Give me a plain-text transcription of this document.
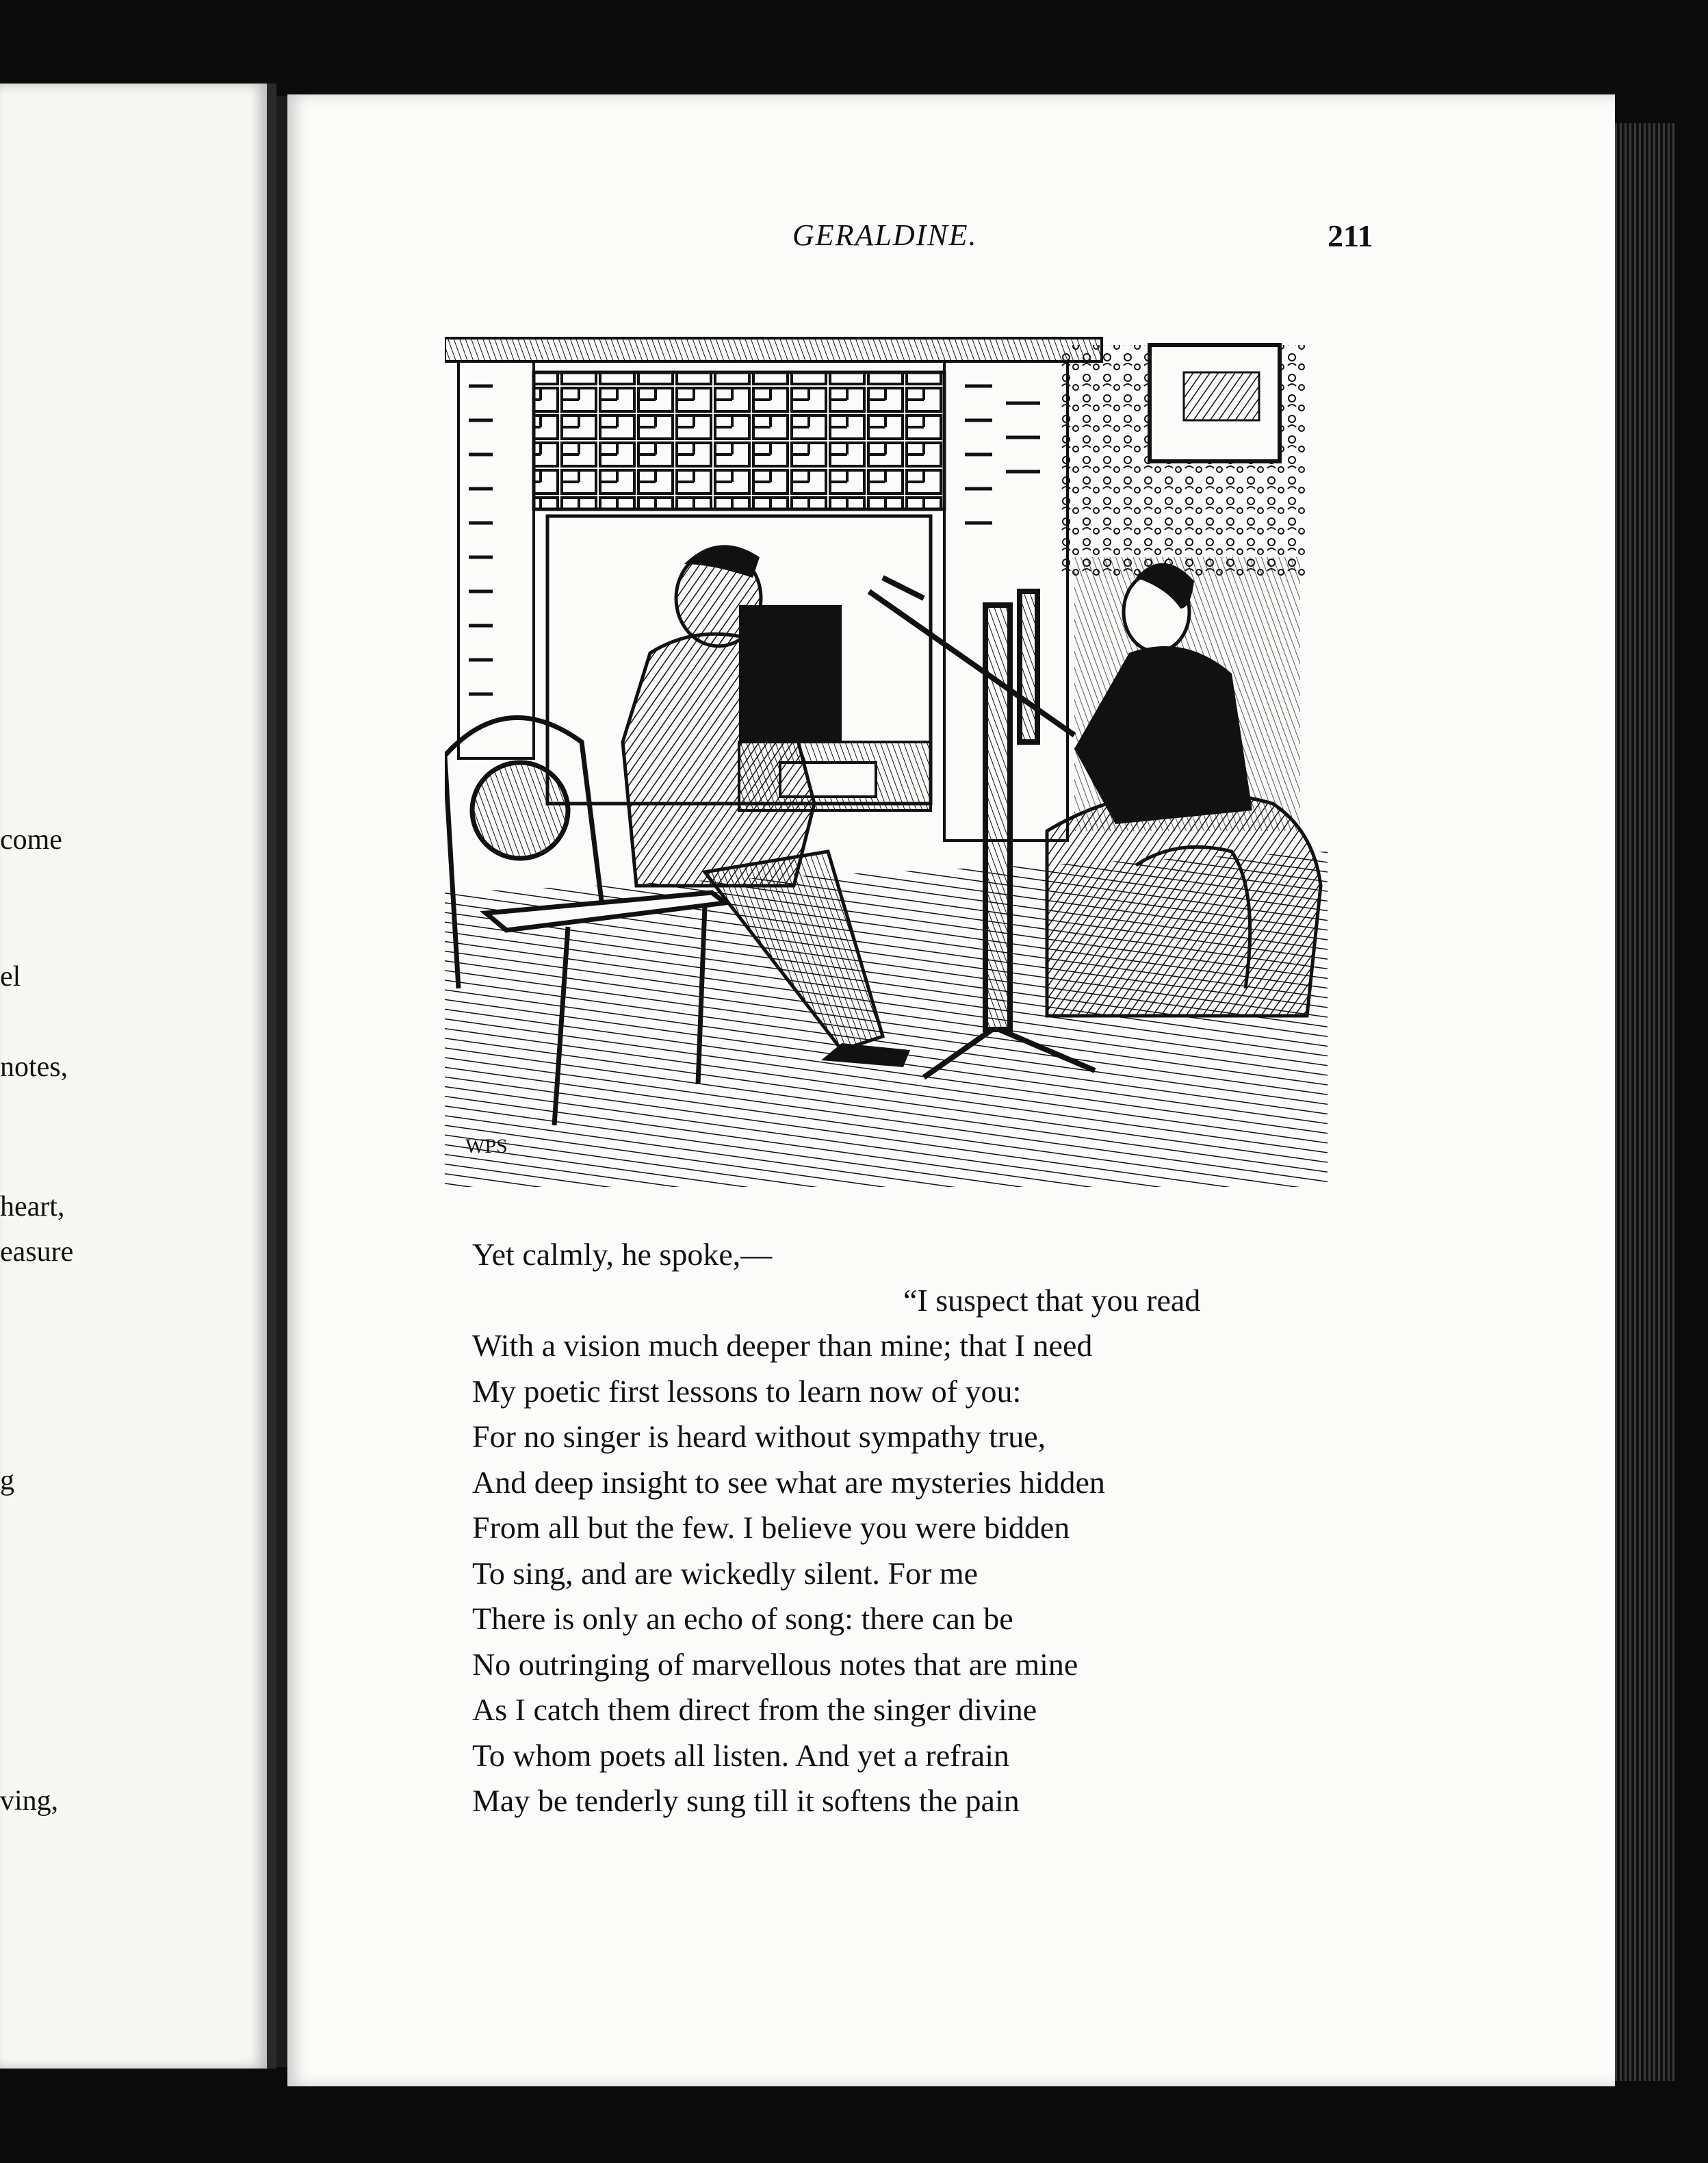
come
el
notes,
heart,
easure
g
ving,
GERALDINE.	211
WPS
Yet calmly, he spoke,—
“I suspect that you read
With a vision much deeper than mine; that I need
My poetic first lessons to learn now of you:
For no singer is heard without sympathy true,
And deep insight to see what are mysteries hidden
From all but the few. I believe you were bidden
To sing, and are wickedly silent. For me
There is only an echo of song: there can be
No outringing of marvellous notes that are mine
As I catch them direct from the singer divine
To whom poets all listen. And yet a refrain
May be tenderly sung till it softens the pain
